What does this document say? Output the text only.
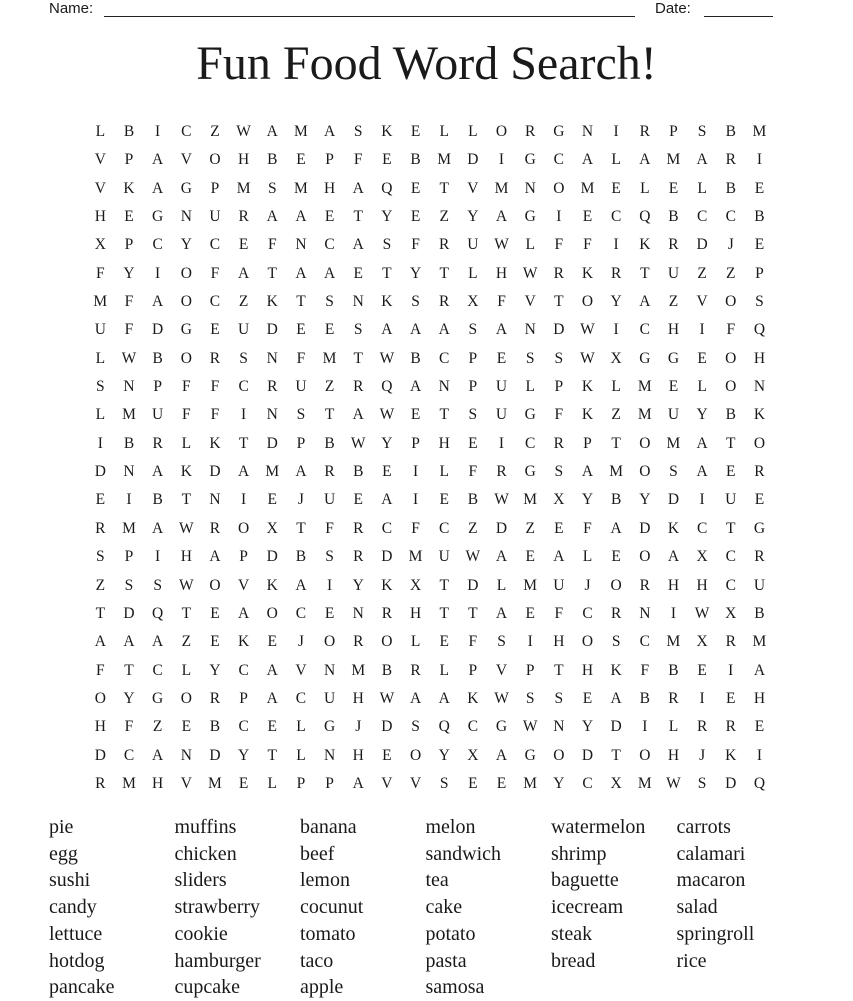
Name:	Date:
Fun Food Word Search!
L	B	I	C	Z	W	A	M	A	S	K	E	L	L	O	R	G	N	I	R	P	S	B	M
V	P	A	V	O	H	B	E	P	F	E	B	M	D	I	G	C	A	L	A	M	A	R	I
V	K	A	G	P	M	S	M	H	A	Q	E	T	V	M	N	O	M	E	L	E	L	B	E
H	E	G	N	U	R	A	A	E	T	Y	E	Z	Y	A	G	I	E	C	Q	B	C	C	B
X	P	C	Y	C	E	F	N	C	A	S	F	R	U	W	L	F	F	I	K	R	D	J	E
F	Y	I	O	F	A	T	A	A	E	T	Y	T	L	H	W	R	K	R	T	U	Z	Z	P
M	F	A	O	C	Z	K	T	S	N	K	S	R	X	F	V	T	O	Y	A	Z	V	O	S
U	F	D	G	E	U	D	E	E	S	A	A	A	S	A	N	D	W	I	C	H	I	F	Q
L	W	B	O	R	S	N	F	M	T	W	B	C	P	E	S	S	W	X	G	G	E	O	H
S	N	P	F	F	C	R	U	Z	R	Q	A	N	P	U	L	P	K	L	M	E	L	O	N
L	M	U	F	F	I	N	S	T	A	W	E	T	S	U	G	F	K	Z	M	U	Y	B	K
I	B	R	L	K	T	D	P	B	W	Y	P	H	E	I	C	R	P	T	O	M	A	T	O
D	N	A	K	D	A	M	A	R	B	E	I	L	F	R	G	S	A	M	O	S	A	E	R
E	I	B	T	N	I	E	J	U	E	A	I	E	B	W M	X	Y	B	Y	D	I	U	E
R	M	A	W	R	O	X	T	F	R	C	F	C	Z	D	Z	E	F	A	D	K	C	T	G
S	P	I	H	A	P	D	B	S	R	D	M	U	W	A	E	A	L	E	O	A	X	C	R
Z	S	S	W	O	V	K	A	I	Y	K	X	T	D	L	M	U	J	O	R	H	H	C	U
T	D	Q	T	E	A	O	C	E	N	R	H	T	T	A	E	F	C	R	N	I	W	X	B
A	A	A	Z	E	K	E	J	O	R	O	L	E	F	S	I	H	O	S	C	M	X	R	M
F	T	C	L	Y	C	A	V	N	M	B	R	L	P	V	P	T	H	K	F	B	E	I	A
O	Y	G	O	R	P	A	C	U	H	W	A	A	K	W	S	S	E	A	B	R	I	E	H
H	F	Z	E	B	C	E	L	G	J	D	S	Q	C	G	W	N	Y	D	I	L	R	R	E
D	C	A	N	D	Y	T	L	N	H	E	O	Y	X	A	G	O	D	T	O	H	J	K	I
R	M	H	V	M	E	L	P	P	A	V	V	S	E	E	M	Y	C	X	M W	S	D	Q
pie
egg
sushi
candy
lettuce
hotdog
pancake
muffins
chicken
sliders
strawberry
cookie
hamburger
cupcake
banana
beef
lemon
cocunut
tomato
taco
apple
melon
sandwich
tea
cake
potato
pasta
samosa
watermelon
shrimp
baguette
icecream
steak
bread
carrots
calamari
macaron
salad
springroll
rice
